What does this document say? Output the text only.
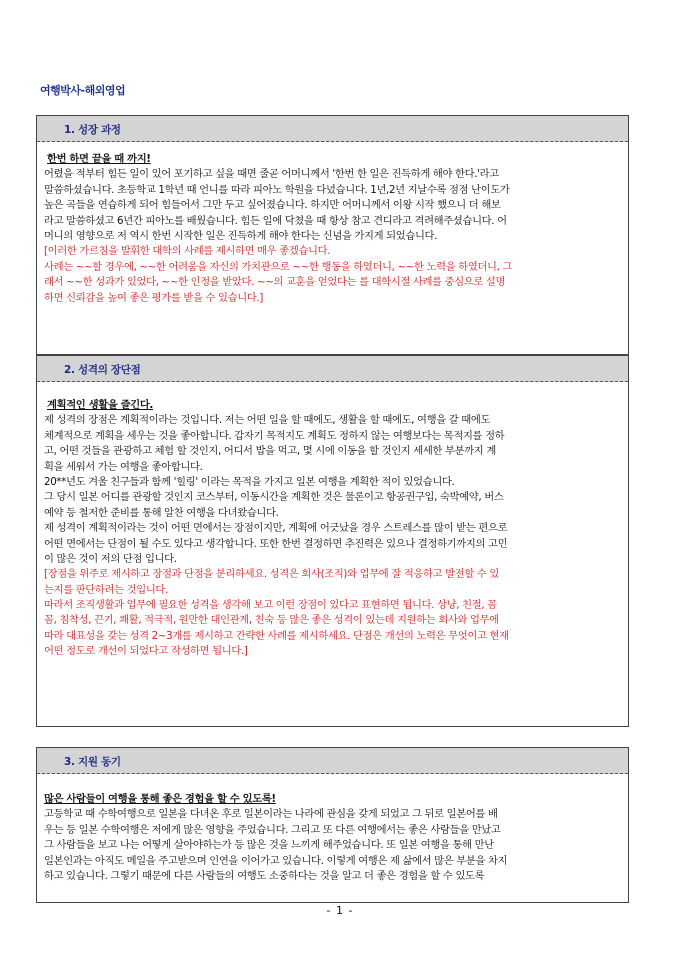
여행박사-해외영업
1. 성장 과정
한번 하면 끝을 때 까지!
어렸을 적부터 힘든 일이 있어 포기하고 싶을 때면 줄곧 어머니께서 '한번 한 일은 진득하게 해야 한다.'라고
말씀하셨습니다. 초등학교 1학년 때 언니를 따라 피아노 학원을 다녔습니다. 1년,2년 지날수록 점점 난이도가
높은 곡들을 연습하게 되어 힘들어서 그만 두고 싶어졌습니다. 하지만 어머니께서 이왕 시작 했으니 더 해보
라고 말씀하셨고 6년간 피아노를 배웠습니다. 힘든 일에 닥쳤을 때 항상 참고 견디라고 격려해주셨습니다. 어
머니의 영향으로 저 역시 한번 시작한 일은 진득하게 해야 한다는 신념을 가지게 되었습니다.
[이러한 가르침을 발휘한 대학의 사례를 제시하면 매우 좋겠습니다.
사례는 ~~할 경우에, ~~한 어려움을 자신의 가치관으로 ~~한 행동을 하였더니, ~~한 노력을 하였더니, 그
래서 ~~한 성과가 있었다, ~~한 인정을 받았다. ~~의 교훈을 얻었다는 를 대학시절 사례를 중심으로 설명
하면 신뢰감을 높여 좋은 평가를 받을 수 있습니다.]
2. 성격의 장단점
계획적인 생활을 즐긴다.
제 성격의 장점은 계획적이라는 것입니다. 저는 어떤 일을 할 때에도, 생활을 할 때에도, 여행을 갈 때에도
체계적으로 계획을 세우는 것을 좋아합니다. 갑자기 목적지도 계획도 정하지 않는 여행보다는 목적지를 정하
고, 어떤 것들을 관광하고 체험 할 것인지, 어디서 밥을 먹고, 몇 시에 이동을 할 것인지 세세한 부분까지 계
획을 세워서 가는 여행을 좋아합니다.
20**년도 겨울 친구들과 함께 '힐링' 이라는 목적을 가지고 일본 여행을 계획한 적이 있었습니다.
그 당시 일본 어디를 관광할 것인지 코스부터, 이동시간을 계획한 것은 물론이고 항공권구입, 숙박예약, 버스
예약 등 철저한 준비를 통해 알찬 여행을 다녀왔습니다.
제 성격이 계획적이라는 것이 어떤 면에서는 장점이지만, 계획에 어긋났을 경우 스트레스를 많이 받는 편으로
어떤 면에서는 단점이 될 수도 있다고 생각합니다. 또한 한번 결정하면 추진력은 있으나 결정하기까지의 고민
이 많은 것이 저의 단점 입니다.
[장점을 위주로 제시하고 장점과 단점을 분리하세요. 성격은 회사(조직)와 업무에 잘 적응하고 발전할 수 있
는지를 판단하려는 것입니다.
따라서 조직생활과 업무에 필요한 성격을 생각해 보고 이런 장점이 있다고 표현하면 됩니다. 상냥, 친절, 꼼
꼼, 침착성, 끈기, 쾌활, 적극적, 원만한 대인관계, 친숙 등 많은 좋은 성격이 있는데 지원하는 회사와 업무에
따라 대표성을 갖는 성격 2~3개를 제시하고 간략한 사례를 제시하세요. 단점은 개선의 노력은 무엇이고 현재
어떤 정도로 개선이 되었다고 작성하면 됩니다.]
3. 지원 동기
많은 사람들이 여행을 통해 좋은 경험을 할 수 있도록!
고등학교 때 수학여행으로 일본을 다녀온 후로 일본이라는 나라에 관심을 갖게 되었고 그 뒤로 일본어를 배
우는 등 일본 수학여행은 저에게 많은 영향을 주었습니다. 그리고 또 다른 여행에서는 좋은 사람들을 만났고
그 사람들을 보고 나는 어떻게 살아야하는가 등 많은 것을 느끼게 해주었습니다. 또 일본 여행을 통해 만난
일본인과는 아직도 메일을 주고받으며 인연을 이어가고 있습니다. 이렇게 여행은 제 삶에서 많은 부분을 차지
하고 있습니다. 그렇기 때문에 다른 사람들의 여행도 소중하다는 것을 알고 더 좋은 경험을 할 수 있도록
- 1 -
